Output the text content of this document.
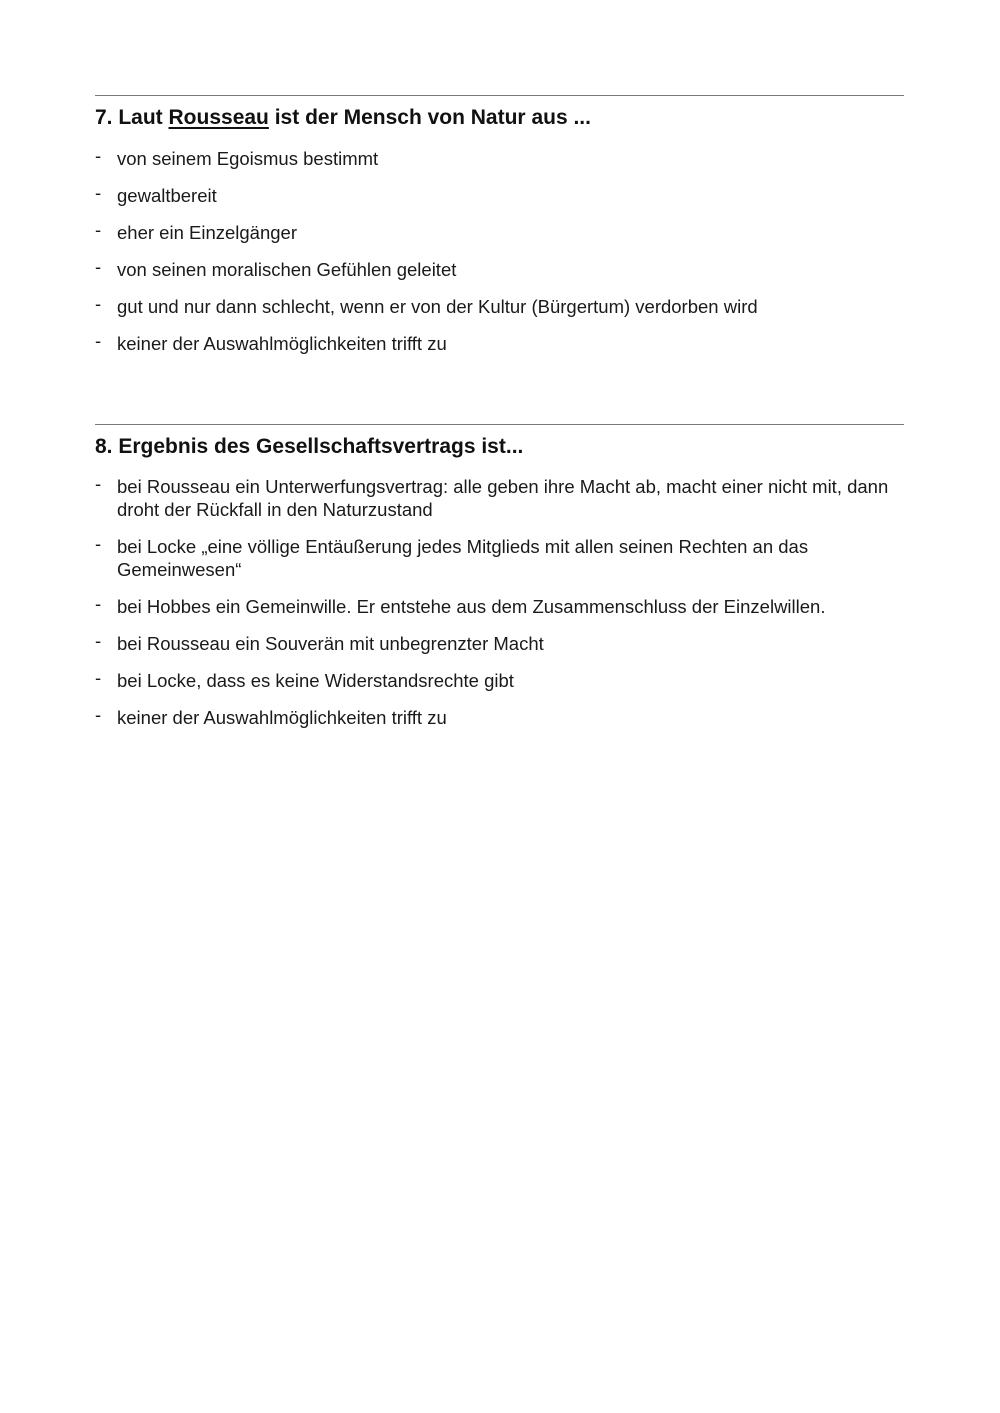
7. Laut Rousseau ist der Mensch von Natur aus ...
- von seinem Egoismus bestimmt
- gewaltbereit
- eher ein Einzelgänger
- von seinen moralischen Gefühlen geleitet
- gut und nur dann schlecht, wenn er von der Kultur (Bürgertum) verdorben wird
- keiner der Auswahlmöglichkeiten trifft zu
8. Ergebnis des Gesellschaftsvertrags ist...
- bei Rousseau ein Unterwerfungsvertrag: alle geben ihre Macht ab, macht einer nicht mit, dann droht der Rückfall in den Naturzustand
- bei Locke „eine völlige Entäußerung jedes Mitglieds mit allen seinen Rechten an das Gemeinwesen“
- bei Hobbes ein Gemeinwille. Er entstehe aus dem Zusammenschluss der Einzelwillen.
- bei Rousseau ein Souverän mit unbegrenzter Macht
- bei Locke, dass es keine Widerstandsrechte gibt
- keiner der Auswahlmöglichkeiten trifft zu
